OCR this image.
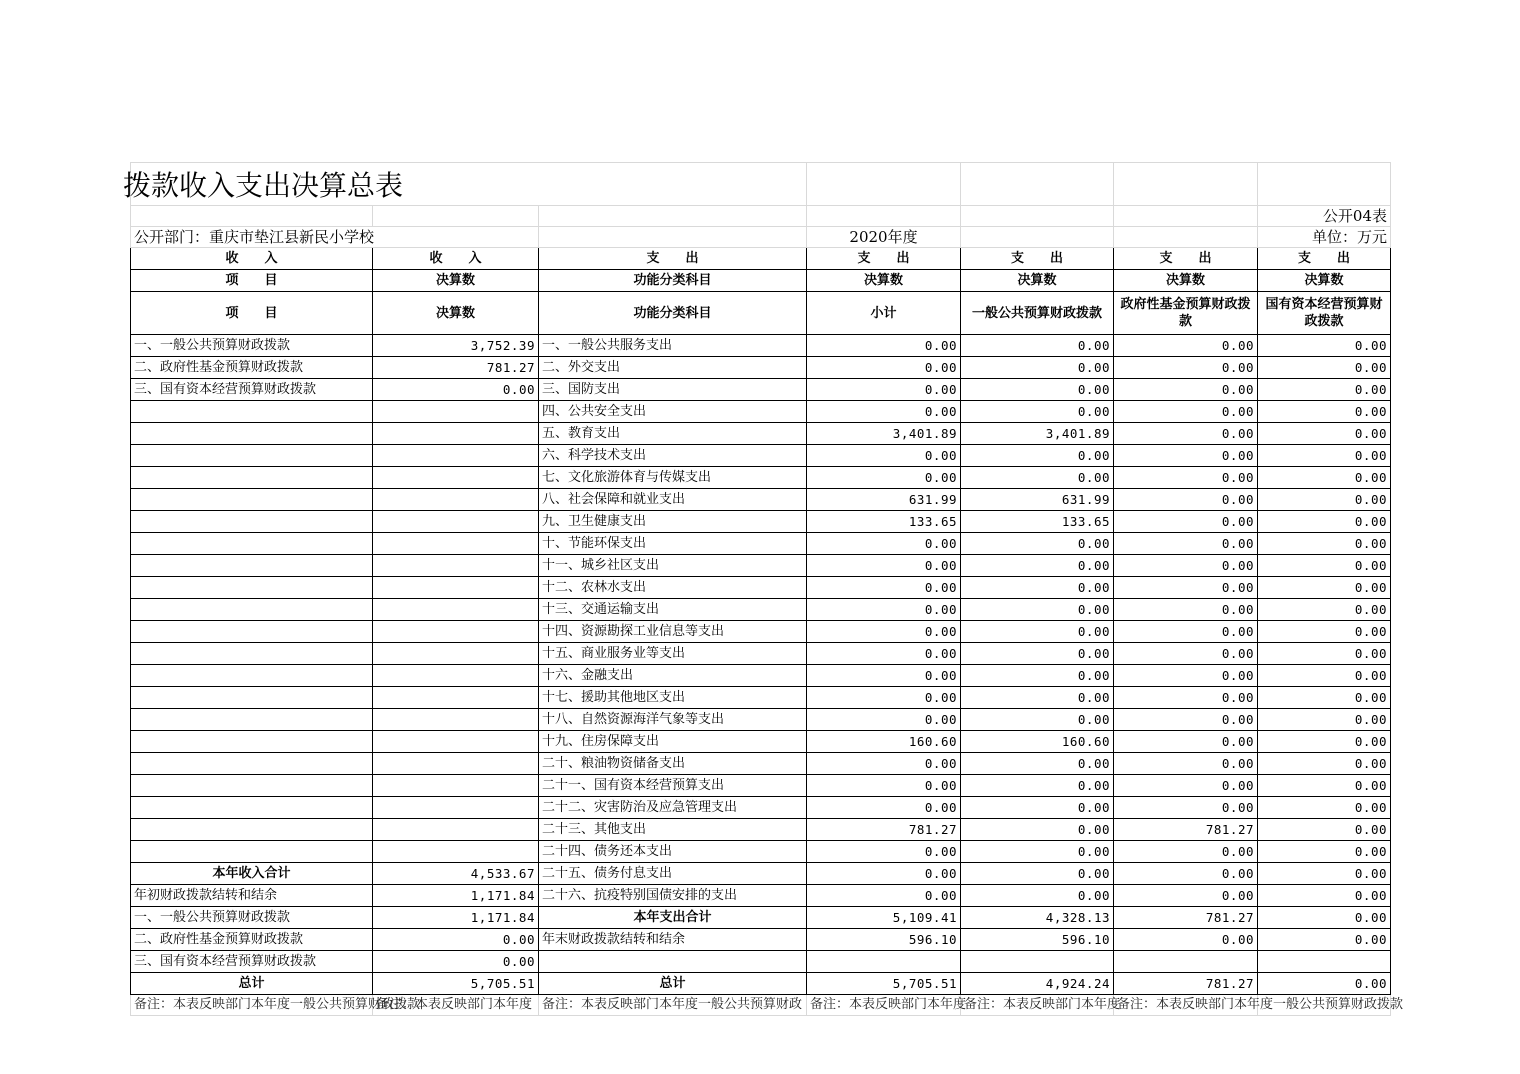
拨款收入支出决算总表						

						公开04表
公开部门：重庆市垫江县新民小学校			2020年度			单位：万元
收　　入	收　　入	支　　出	支　　出	支　　出	支　　出	支　　出
项　　目	决算数	功能分类科目	决算数	决算数	决算数	决算数
项　　目	决算数	功能分类科目	小计	一般公共预算财政拨款	政府性基金预算财政拨款	国有资本经营预算财政拨款
一、一般公共预算财政拨款	3,752.39	一、一般公共服务支出	0.00	0.00	0.00	0.00
二、政府性基金预算财政拨款	781.27	二、外交支出	0.00	0.00	0.00	0.00
三、国有资本经营预算财政拨款	0.00	三、国防支出	0.00	0.00	0.00	0.00
		四、公共安全支出	0.00	0.00	0.00	0.00
		五、教育支出	3,401.89	3,401.89	0.00	0.00
		六、科学技术支出	0.00	0.00	0.00	0.00
		七、文化旅游体育与传媒支出	0.00	0.00	0.00	0.00
		八、社会保障和就业支出	631.99	631.99	0.00	0.00
		九、卫生健康支出	133.65	133.65	0.00	0.00
		十、节能环保支出	0.00	0.00	0.00	0.00
		十一、城乡社区支出	0.00	0.00	0.00	0.00
		十二、农林水支出	0.00	0.00	0.00	0.00
		十三、交通运输支出	0.00	0.00	0.00	0.00
		十四、资源勘探工业信息等支出	0.00	0.00	0.00	0.00
		十五、商业服务业等支出	0.00	0.00	0.00	0.00
		十六、金融支出	0.00	0.00	0.00	0.00
		十七、援助其他地区支出	0.00	0.00	0.00	0.00
		十八、自然资源海洋气象等支出	0.00	0.00	0.00	0.00
		十九、住房保障支出	160.60	160.60	0.00	0.00
		二十、粮油物资储备支出	0.00	0.00	0.00	0.00
		二十一、国有资本经营预算支出	0.00	0.00	0.00	0.00
		二十二、灾害防治及应急管理支出	0.00	0.00	0.00	0.00
		二十三、其他支出	781.27	0.00	781.27	0.00
		二十四、债务还本支出	0.00	0.00	0.00	0.00
本年收入合计	4,533.67	二十五、债务付息支出	0.00	0.00	0.00	0.00
年初财政拨款结转和结余	1,171.84	二十六、抗疫特别国债安排的支出	0.00	0.00	0.00	0.00
一、一般公共预算财政拨款	1,171.84	本年支出合计	5,109.41	4,328.13	781.27	0.00
二、政府性基金预算财政拨款	0.00	年末财政拨款结转和结余	596.10	596.10	0.00	0.00
三、国有资本经营预算财政拨款	0.00					
总计	5,705.51	总计	5,705.51	4,924.24	781.27	0.00
备注：本表反映部门本年度一般公共预算财政拨款	备注：本表反映部门本年度	备注：本表反映部门本年度一般公共预算财政	备注：本表反映部门本年度	备注：本表反映部门本年度	备注：本表反映部门本年度一般公共预算财政拨款	
